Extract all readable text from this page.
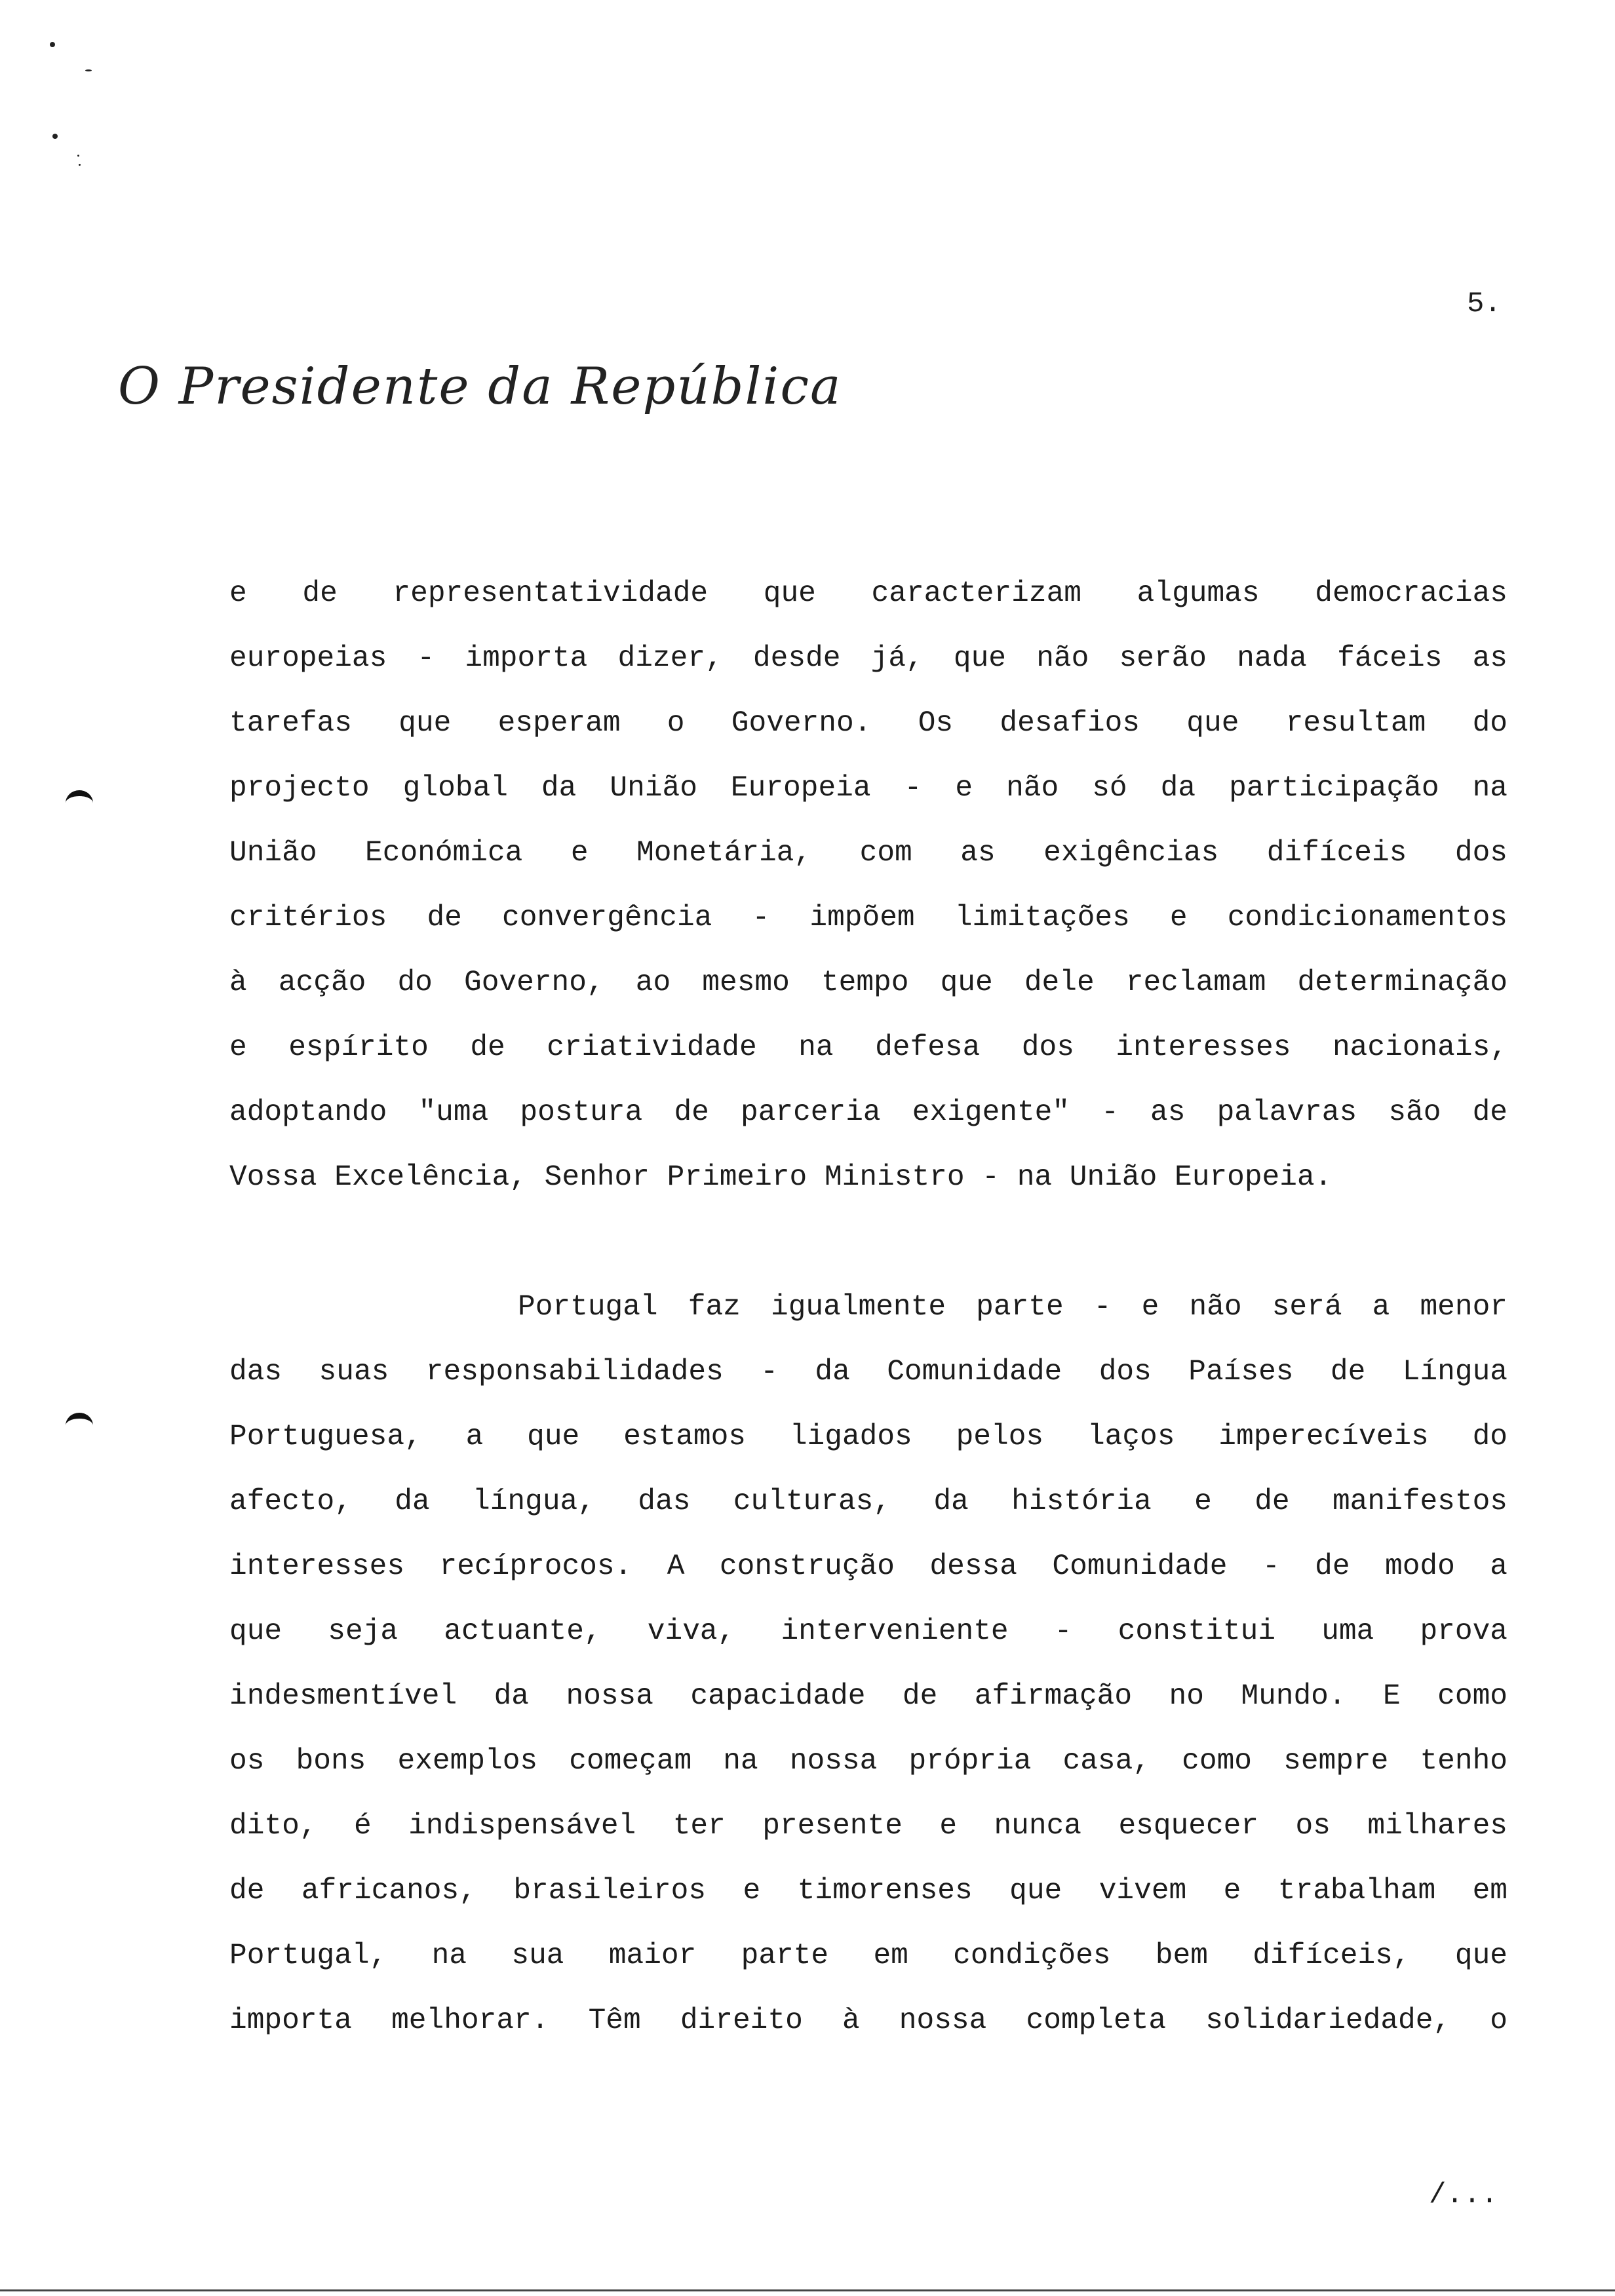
5.
O Presidente da República
e de representatividade que caracterizam algumas democracias
europeias - importa dizer, desde já, que não serão nada fáceis as
tarefas que esperam o Governo. Os desafios que resultam do
projecto global da União Europeia - e não só da participação na
União Económica e Monetária, com as exigências difíceis dos
critérios de convergência - impõem limitações e condicionamentos
à acção do Governo, ao mesmo tempo que dele reclamam determinação
e espírito de criatividade na defesa dos interesses nacionais,
adoptando "uma postura de parceria exigente" - as palavras são de
Vossa Excelência, Senhor Primeiro Ministro - na União Europeia.
Portugal faz igualmente parte - e não será a menor
das suas responsabilidades - da Comunidade dos Países de Língua
Portuguesa, a que estamos ligados pelos laços imperecíveis do
afecto, da língua, das culturas, da história e de manifestos
interesses recíprocos. A construção dessa Comunidade - de modo a
que seja actuante, viva, interveniente - constitui uma prova
indesmentível da nossa capacidade de afirmação no Mundo. E como
os bons exemplos começam na nossa própria casa, como sempre tenho
dito, é indispensável ter presente e nunca esquecer os milhares
de africanos, brasileiros e timorenses que vivem e trabalham em
Portugal, na sua maior parte em condições bem difíceis, que
importa melhorar. Têm direito à nossa completa solidariedade, o
/...
